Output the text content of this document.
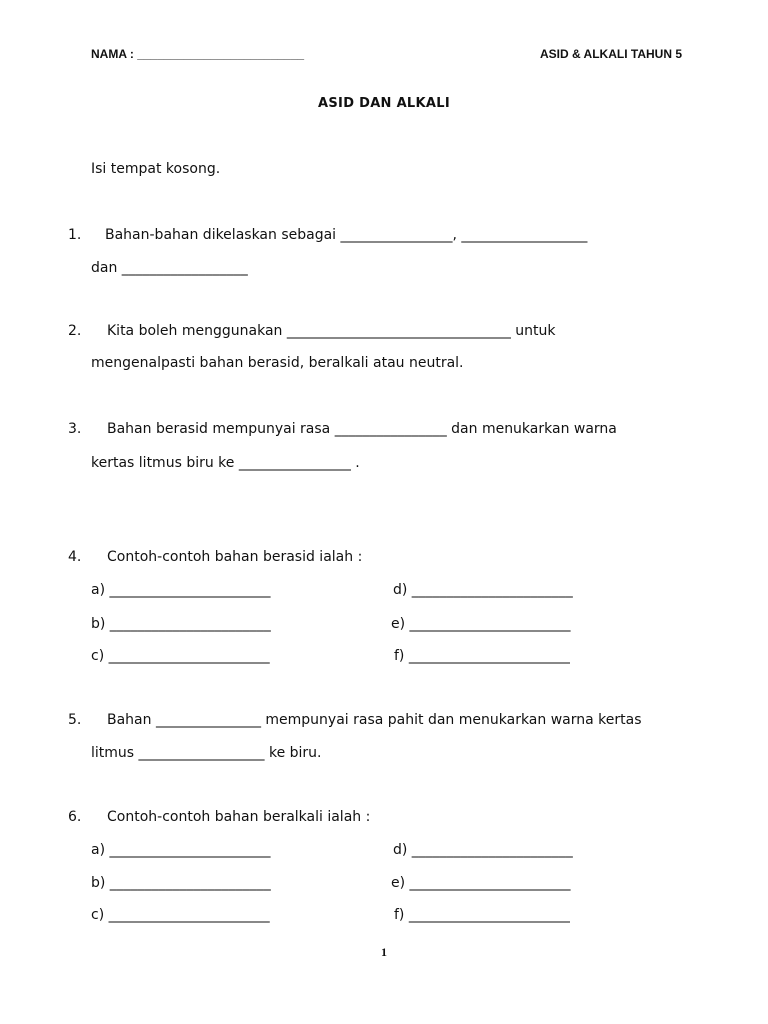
NAMA : _________________________	ASID & ALKALI TAHUN 5
ASID DAN ALKALI
Isi tempat kosong.
1. Bahan-bahan dikelaskan sebagai ________________, __________________
dan __________________
2. Kita boleh menggunakan ________________________________ untuk
mengenalpasti bahan berasid, beralkali atau neutral.
3. Bahan berasid mempunyai rasa ________________ dan menukarkan warna
kertas litmus biru ke ________________ .
4. Contoh-contoh bahan berasid ialah :
a) _______________________
b) _______________________
c) _______________________
d) _______________________
e) _______________________
f) _______________________
5. Bahan _______________ mempunyai rasa pahit dan menukarkan warna kertas
litmus __________________ ke biru.
6. Contoh-contoh bahan beralkali ialah :
a) _______________________
b) _______________________
c) _______________________
d) _______________________
e) _______________________
f) _______________________
1
